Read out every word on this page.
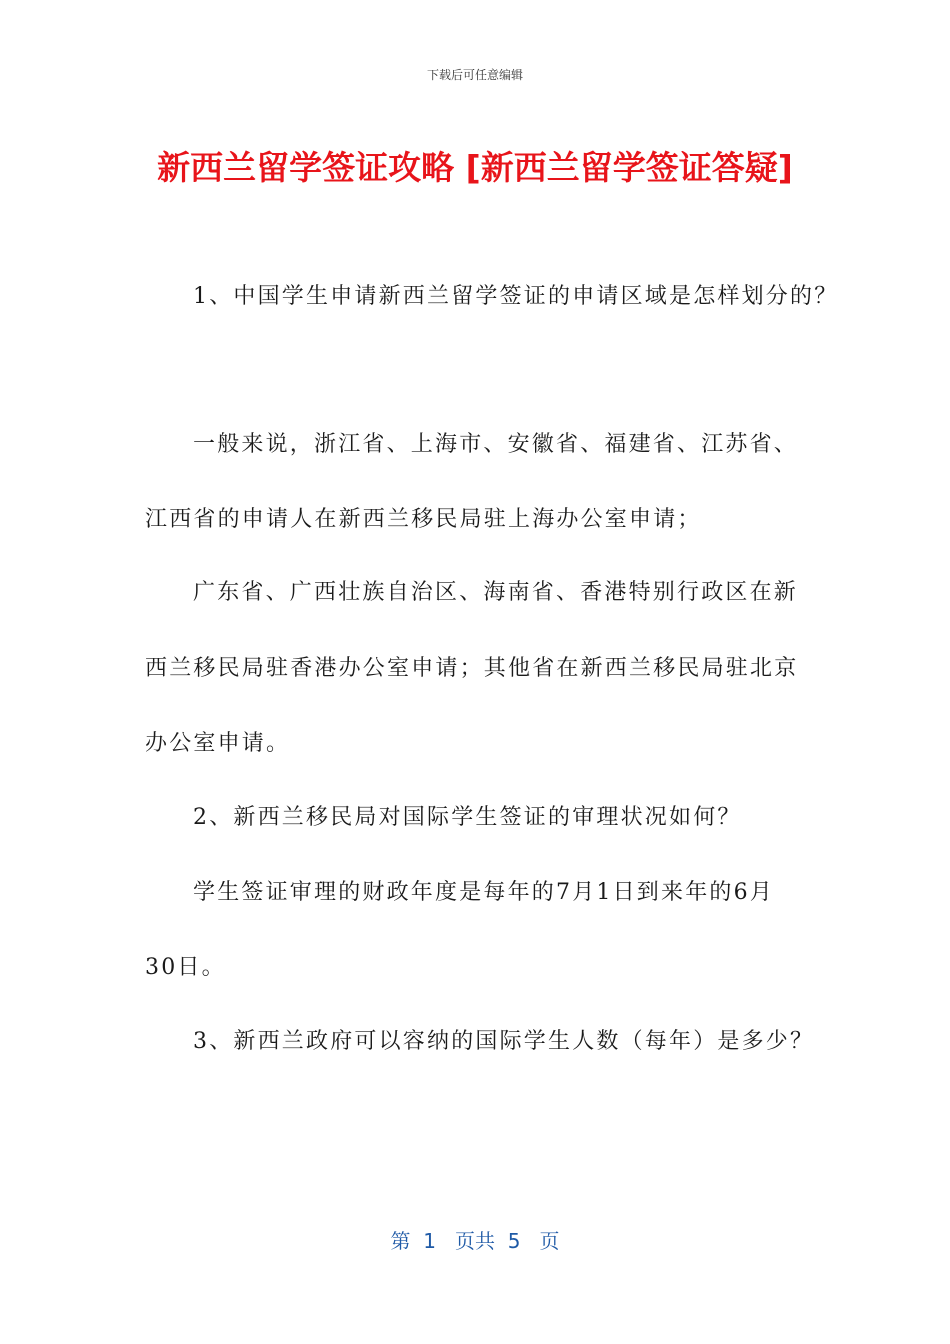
下载后可任意编辑
新西兰留学签证攻略 [新西兰留学签证答疑]
1、中国学生申请新西兰留学签证的申请区域是怎样划分的？
一般来说，浙江省、上海市、安徽省、福建省、江苏省、
江西省的申请人在新西兰移民局驻上海办公室申请；
广东省、广西壮族自治区、海南省、香港特别行政区在新
西兰移民局驻香港办公室申请；其他省在新西兰移民局驻北京
办公室申请。
2、新西兰移民局对国际学生签证的审理状况如何？
学生签证审理的财政年度是每年的7月1日到来年的6月
30日。
3、新西兰政府可以容纳的国际学生人数（每年）是多少？
第  1   页共  5   页
